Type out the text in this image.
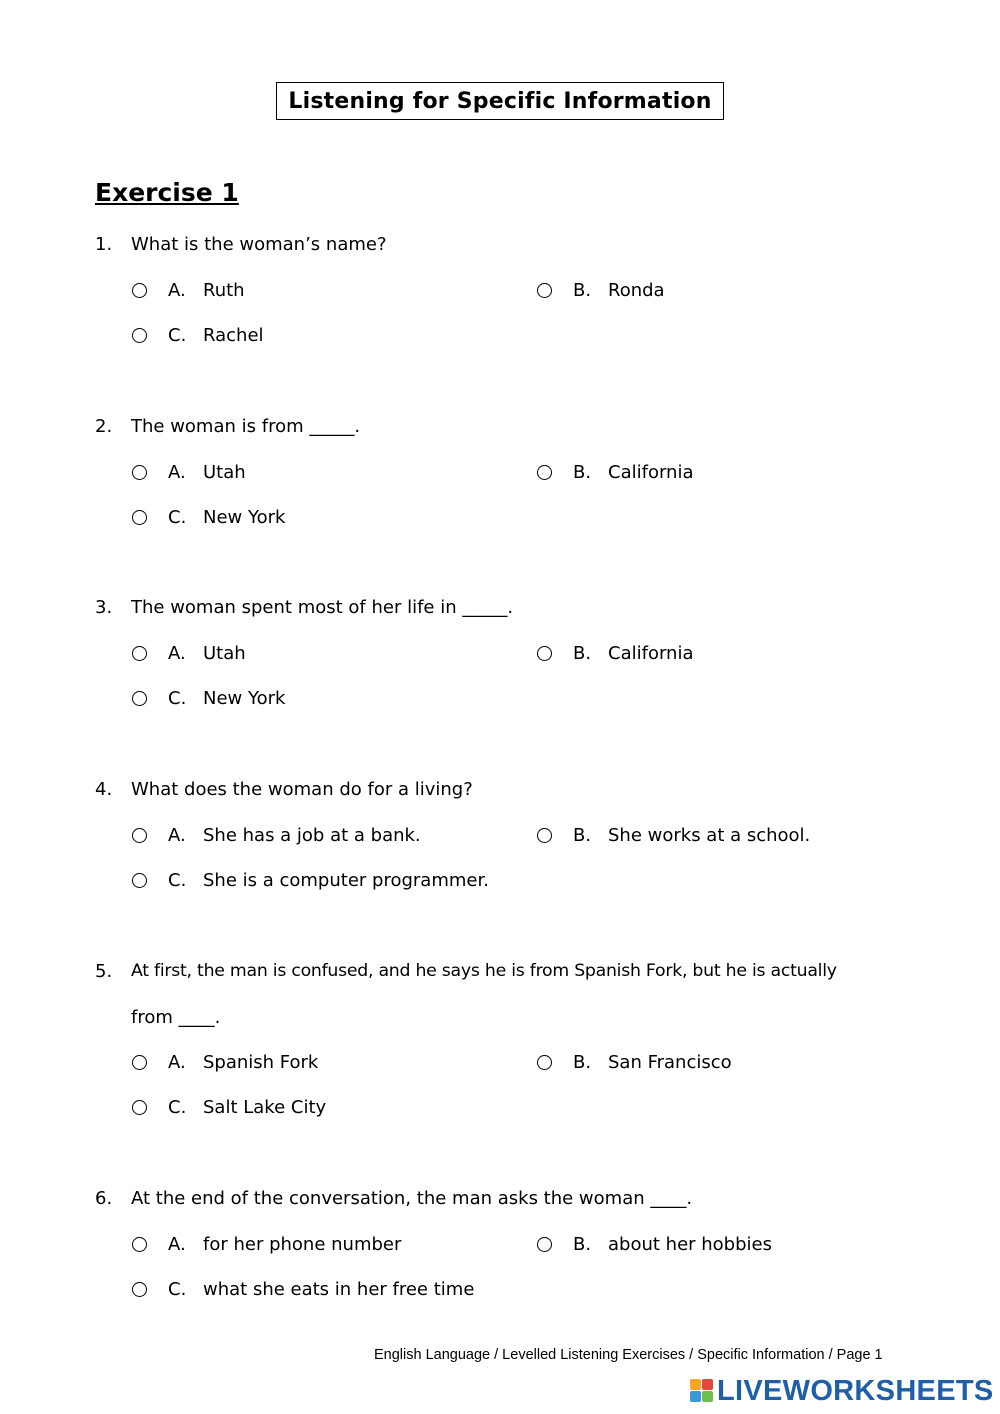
Listening for Specific Information
Exercise 1
1. What is the woman’s name?
A. Ruth	B. Ronda
C. Rachel
2. The woman is from _____.
A. Utah	B. California
C. New York
3. The woman spent most of her life in _____.
A. Utah	B. California
C. New York
4. What does the woman do for a living?
A. She has a job at a bank.	B. She works at a school.
C. She is a computer programmer.
5. At first, the man is confused, and he says he is from Spanish Fork, but he is actually
from ____.
A. Spanish Fork	B. San Francisco
C. Salt Lake City
6. At the end of the conversation, the man asks the woman ____.
A. for her phone number	B. about her hobbies
C. what she eats in her free time
English Language / Levelled Listening Exercises / Specific Information / Page 1
LIVEWORKSHEETS
